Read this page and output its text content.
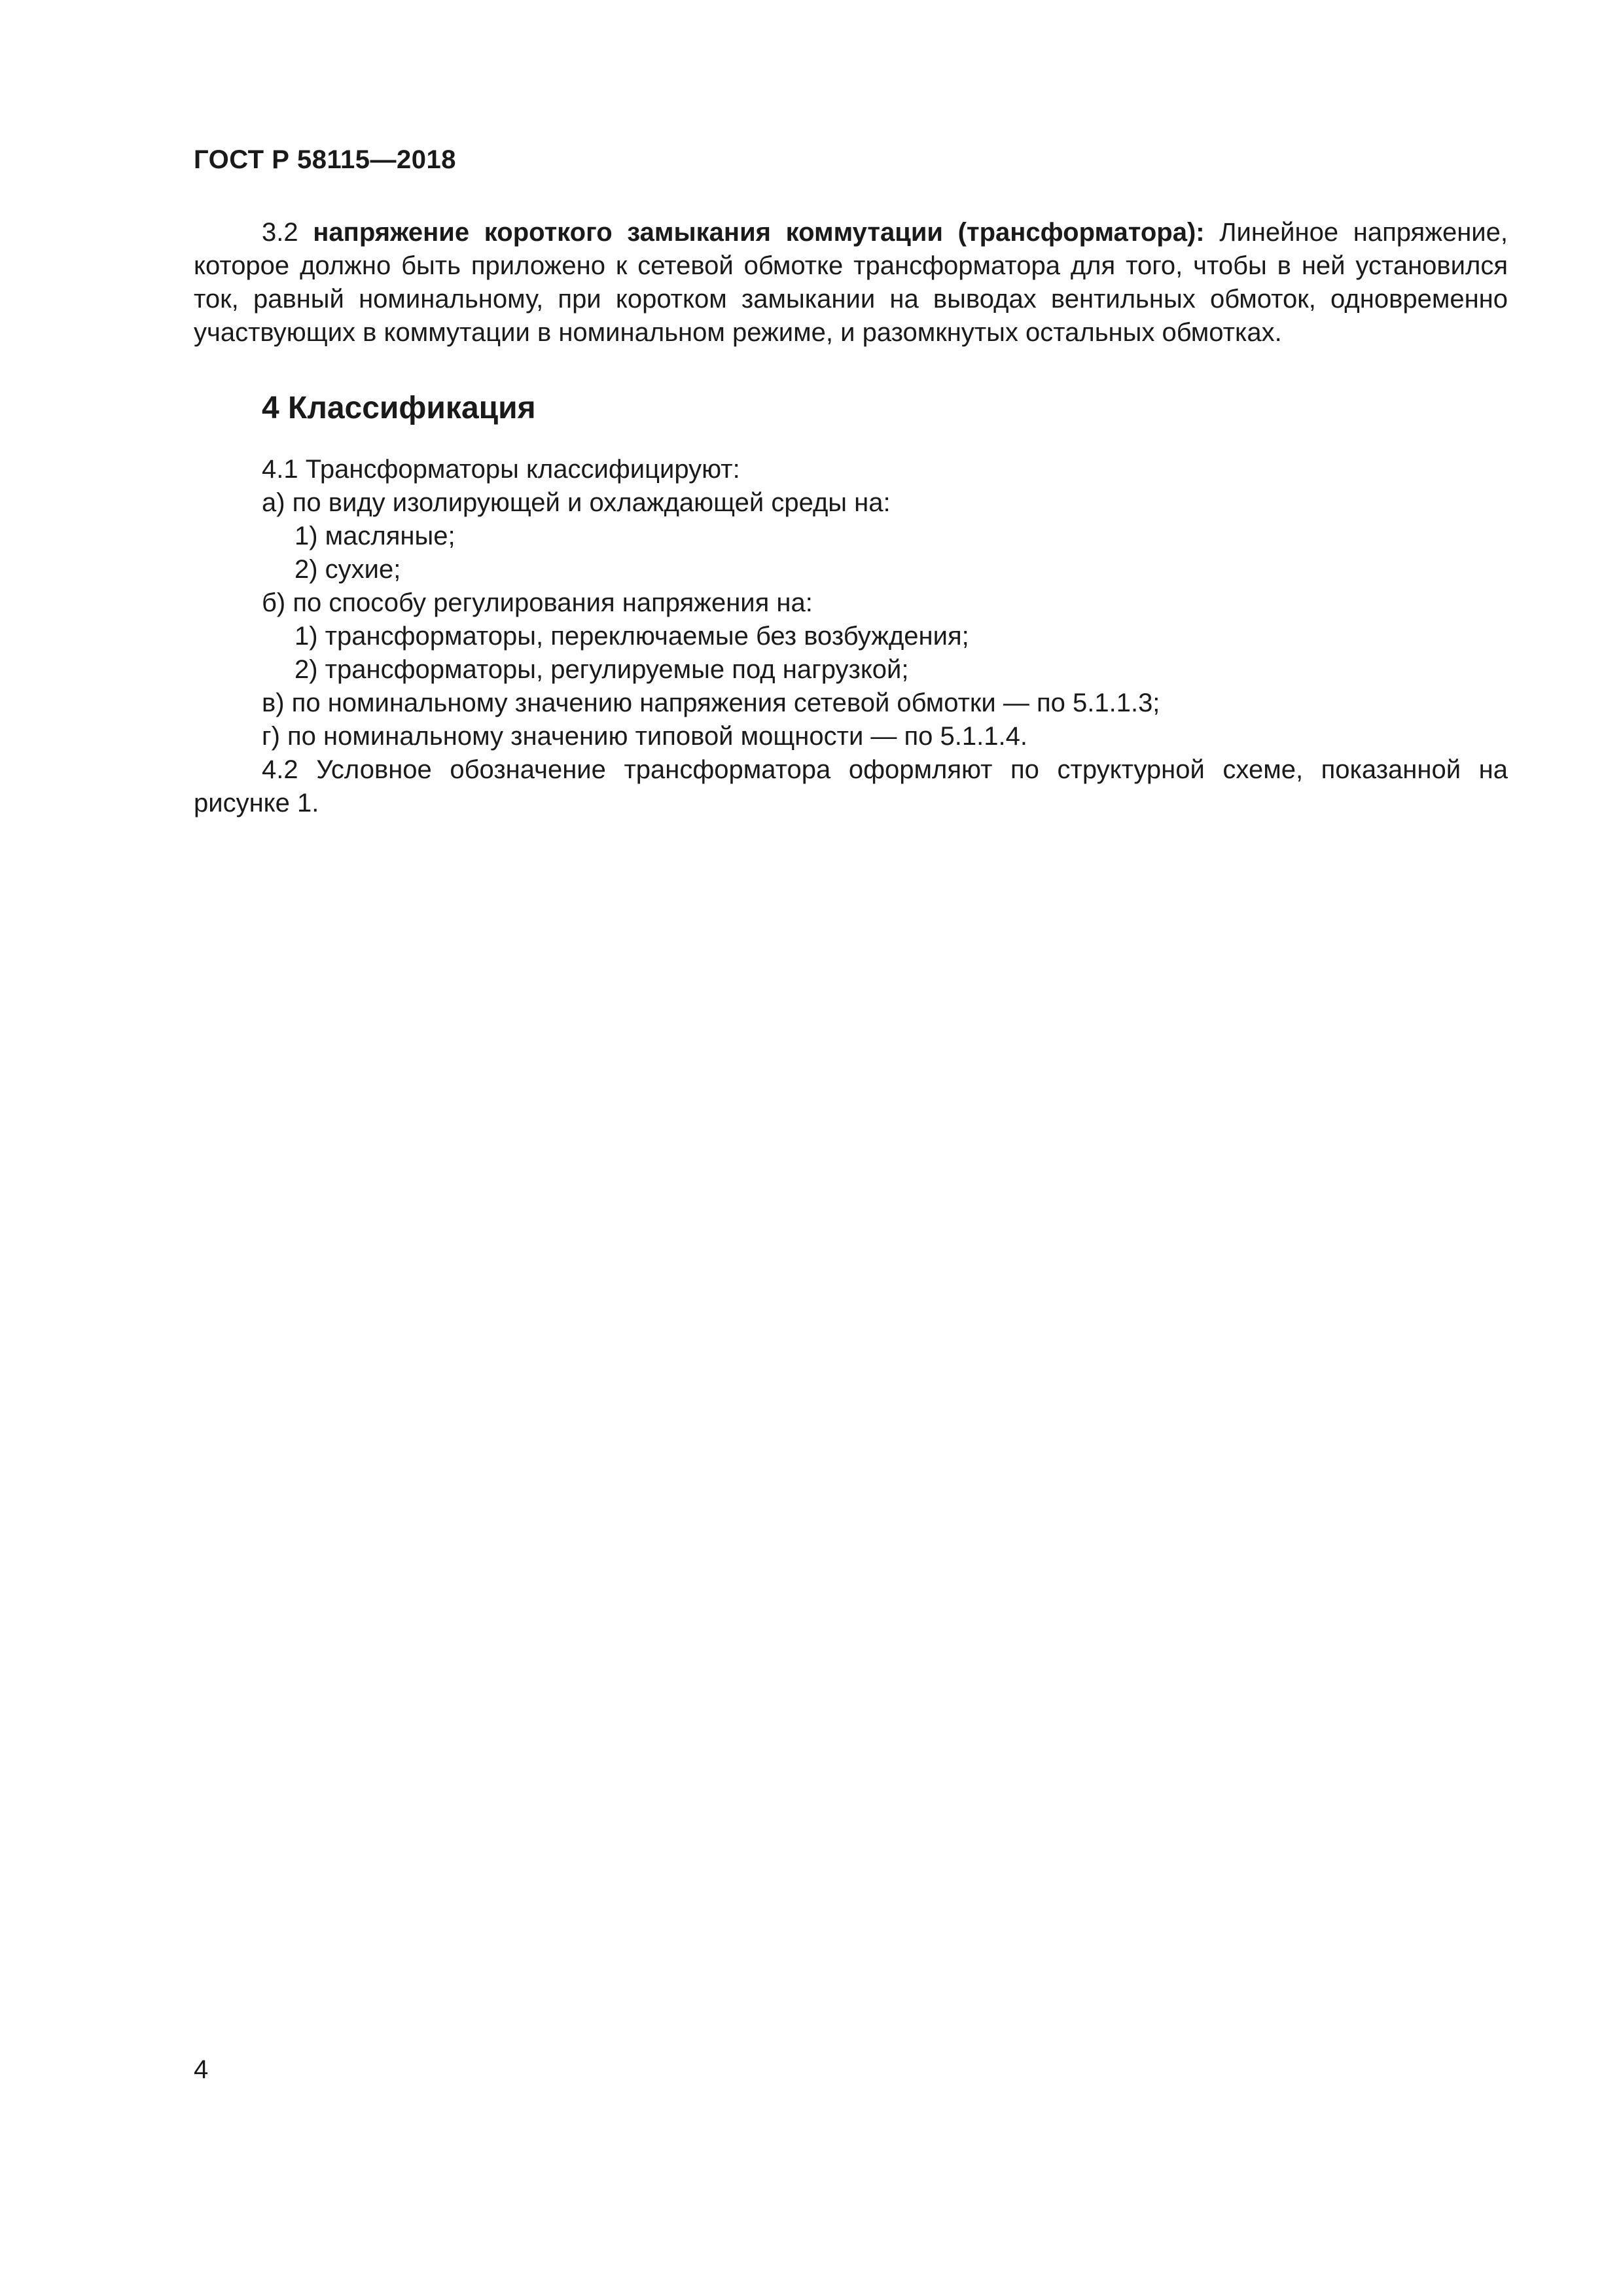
ГОСТ Р 58115—2018

3.2 напряжение короткого замыкания коммутации (трансформатора): Линейное напряжение, которое должно быть приложено к сетевой обмотке трансформатора для того, чтобы в ней установился ток, равный номинальному, при коротком замыкании на выводах вентильных обмоток, одновременно участвующих в коммутации в номинальном режиме, и разомкнутых остальных обмотках.

4 Классификация

4.1 Трансформаторы классифицируют:

а) по виду изолирующей и охлаждающей среды на:

1) масляные;

2) сухие;

б) по способу регулирования напряжения на:

1) трансформаторы, переключаемые без возбуждения;

2) трансформаторы, регулируемые под нагрузкой;

в) по номинальному значению напряжения сетевой обмотки — по 5.1.1.3;

г) по номинальному значению типовой мощности — по 5.1.1.4.

4.2 Условное обозначение трансформатора оформляют по структурной схеме, показанной на рисунке 1.

4
